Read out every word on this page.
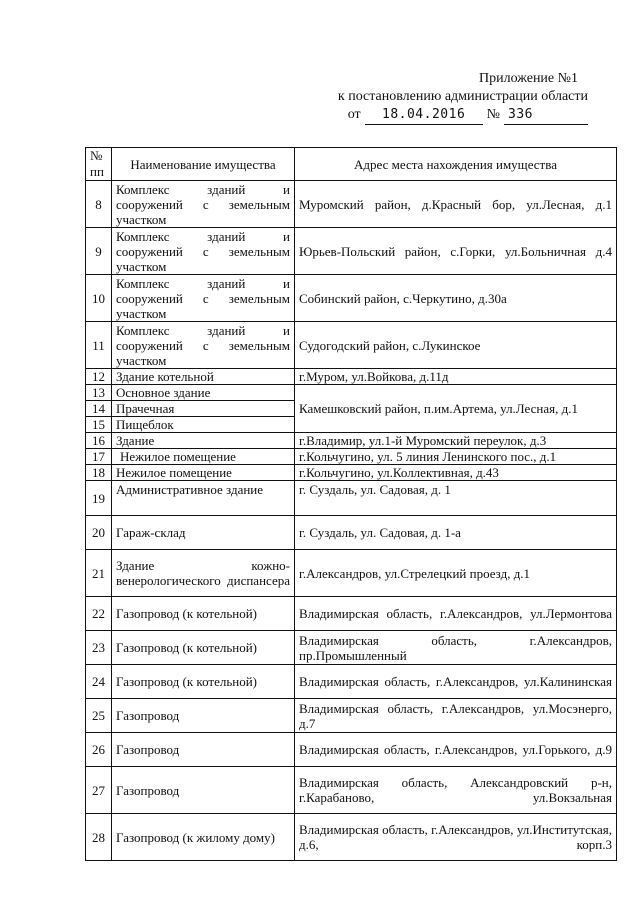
Приложение №1
к постановлению администрации области
от	18.04.2016	№ 336
№ пп	Наименование имущества	Адрес места нахождения имущества
8	Комплекс зданий и сооружений с земельным участком	Муромский район, д.Красный бор, ул.Лесная, д.1
9	Комплекс зданий и сооружений с земельным участком	Юрьев-Польский район, с.Горки, ул.Больничная д.4
10	Комплекс зданий и сооружений с земельным участком	Собинский район, с.Черкутино, д.30а
11	Комплекс зданий и сооружений с земельным участком	Судогодский район, с.Лукинское
12	Здание котельной	г.Муром, ул.Войкова, д.11д
13	Основное здание	Камешковский район, п.им.Артема, ул.Лесная, д.1
14	Прачечная	
15	Пищеблок	
16	Здание	г.Владимир, ул.1-й Муромский переулок, д.3
17	Нежилое помещение	г.Кольчугино, ул. 5 линия Ленинского пос., д.1
18	Нежилое помещение	г.Кольчугино, ул.Коллективная, д.43
19	Административное здание	г. Суздаль, ул. Садовая, д. 1
20	Гараж-склад	г. Суздаль, ул. Садовая, д. 1-а
21	Здание кожно-венерологического диспансера	г.Александров, ул.Стрелецкий проезд, д.1
22	Газопровод (к котельной)	Владимирская область, г.Александров, ул.Лермонтова
23	Газопровод (к котельной)	Владимирская область, г.Александров, пр.Промышленный
24	Газопровод (к котельной)	Владимирская область, г.Александров, ул.Калининская
25	Газопровод	Владимирская область, г.Александров, ул.Мосэнерго, д.7
26	Газопровод	Владимирская область, г.Александров, ул.Горького, д.9
27	Газопровод	Владимирская область, Александровский р-н, г.Карабаново, ул.Вокзальная
28	Газопровод (к жилому дому)	Владимирская область, г.Александров, ул.Институтская, д.6, корп.3
